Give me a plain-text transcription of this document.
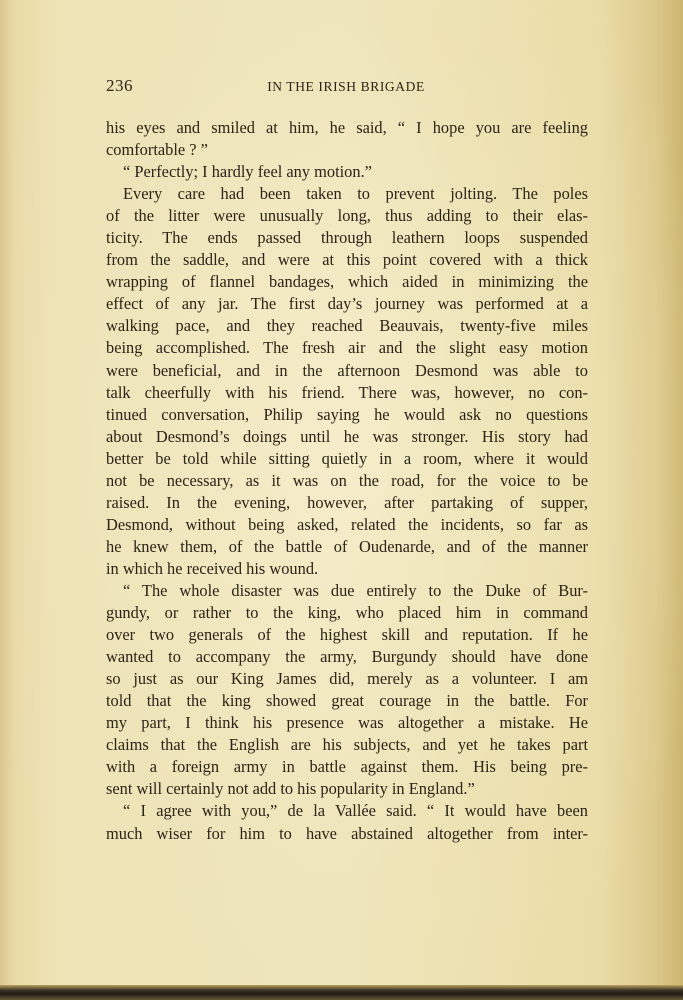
236	IN THE IRISH BRIGADE
his eyes and smiled at him, he said, “ I hope you are feeling
comfortable ? ”
“ Perfectly; I hardly feel any motion.”
Every care had been taken to prevent jolting. The poles
of the litter were unusually long, thus adding to their elas-
ticity. The ends passed through leathern loops suspended
from the saddle, and were at this point covered with a thick
wrapping of flannel bandages, which aided in minimizing the
effect of any jar. The first day’s journey was performed at a
walking pace, and they reached Beauvais, twenty-five miles
being accomplished. The fresh air and the slight easy motion
were beneficial, and in the afternoon Desmond was able to
talk cheerfully with his friend. There was, however, no con-
tinued conversation, Philip saying he would ask no questions
about Desmond’s doings until he was stronger. His story had
better be told while sitting quietly in a room, where it would
not be necessary, as it was on the road, for the voice to be
raised. In the evening, however, after partaking of supper,
Desmond, without being asked, related the incidents, so far as
he knew them, of the battle of Oudenarde, and of the manner
in which he received his wound.
“ The whole disaster was due entirely to the Duke of Bur-
gundy, or rather to the king, who placed him in command
over two generals of the highest skill and reputation. If he
wanted to accompany the army, Burgundy should have done
so just as our King James did, merely as a volunteer. I am
told that the king showed great courage in the battle. For
my part, I think his presence was altogether a mistake. He
claims that the English are his subjects, and yet he takes part
with a foreign army in battle against them. His being pre-
sent will certainly not add to his popularity in England.”
“ I agree with you,” de la Vallée said. “ It would have been
much wiser for him to have abstained altogether from inter-
